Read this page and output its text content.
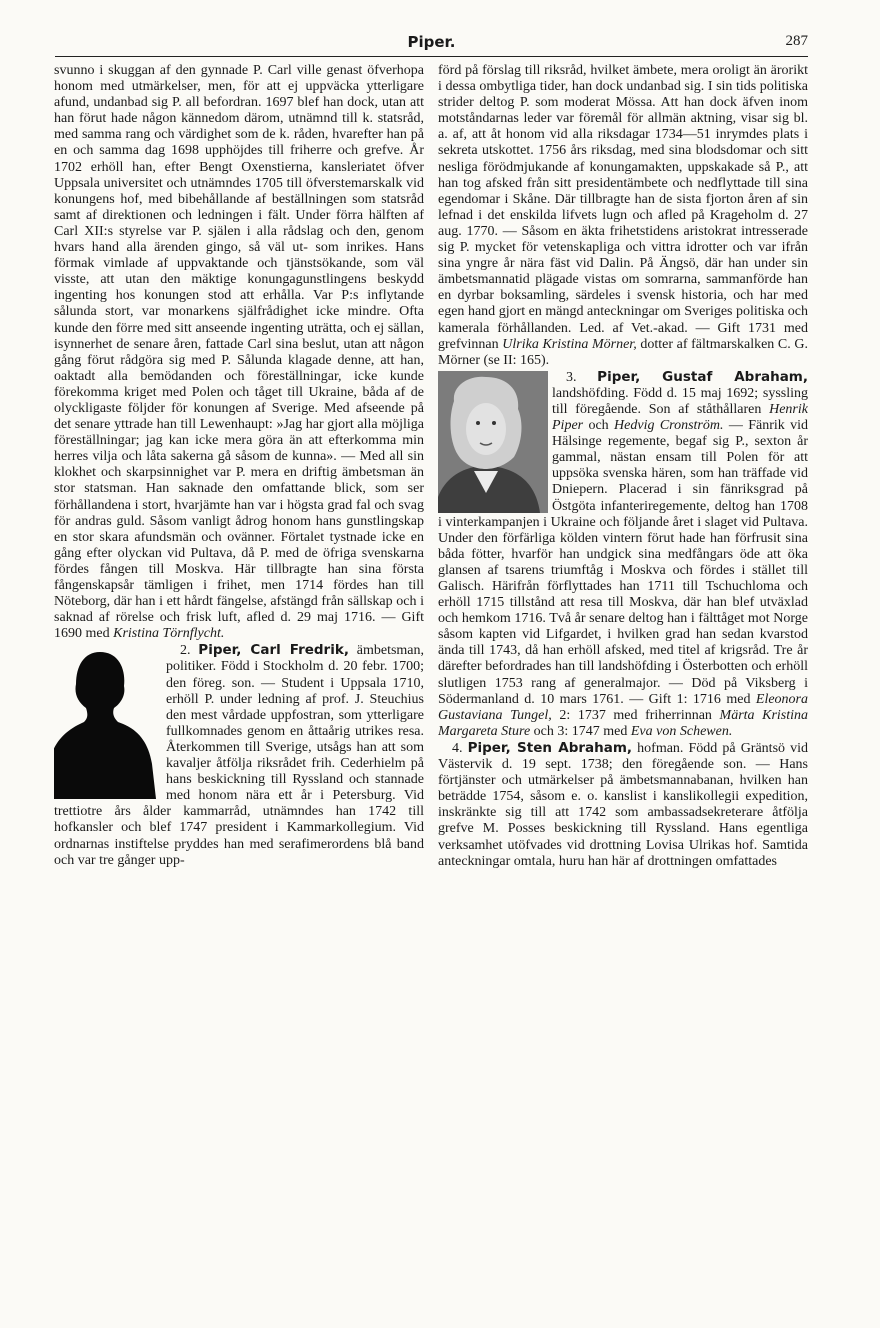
Piper.	287

svunno i skuggan af den gynnade P. Carl ville genast öfverhopa honom med utmärkelser, men, för att ej uppväcka ytterligare afund, undanbad sig P. all befordran. 1697 blef han dock, utan att han förut hade någon kännedom därom, utnämnd till k. statsråd, med samma rang och värdighet som de k. råden, hvarefter han på en och samma dag 1698 upphöjdes till friherre och grefve. År 1702 erhöll han, efter Bengt Oxenstierna, kansleriatet öfver Uppsala universitet och utnämndes 1705 till öfverstemarskalk vid konungens hof, med bibehållande af beställningen som statsråd samt af direktionen och ledningen i fält. Under förra hälften af Carl XII:s styrelse var P. själen i alla rådslag och den, genom hvars hand alla ärenden gingo, så väl ut- som inrikes. Hans förmak vimlade af uppvaktande och tjänstsökande, som väl visste, att utan den mäktige konungagunstlingens beskydd ingenting hos konungen stod att erhålla. Var P:s inflytande sålunda stort, var monarkens själfrådighet icke mindre. Ofta kunde den förre med sitt anseende ingenting uträtta, och ej sällan, isynnerhet de senare åren, fattade Carl sina beslut, utan att någon gång förut rådgöra sig med P. Sålunda klagade denne, att han, oaktadt alla bemödanden och föreställningar, icke kunde förekomma kriget med Polen och tåget till Ukraine, båda af de olyckligaste följder för konungen af Sverige. Med afseende på det senare yttrade han till Lewenhaupt: »Jag har gjort alla möjliga föreställningar; jag kan icke mera göra än att efterkomma min herres vilja och låta sakerna gå såsom de kunna». — Med all sin klokhet och skarpsinnighet var P. mera en driftig ämbetsman än stor statsman. Han saknade den omfattande blick, som ser förhållandena i stort, hvarjämte han var i högsta grad fal och svag för andras guld. Såsom vanligt ådrog honom hans gunstlingskap en stor skara afundsmän och ovänner. Förtalet tystnade icke en gång efter olyckan vid Pultava, då P. med de öfriga svenskarna fördes fången till Moskva. Här tillbragte han sina första fångenskapsår tämligen i frihet, men 1714 fördes han till Nöteborg, där han i ett hårdt fängelse, afstängd från sällskap och i saknad af rörelse och frisk luft, afled d. 29 maj 1716. — Gift 1690 med Kristina Törnflycht.

2. Piper, Carl Fredrik, ämbetsman, politiker. Född i Stockholm d. 20 febr. 1700; den föreg. son. — Student i Uppsala 1710, erhöll P. under ledning af prof. J. Steuchius den mest vårdade uppfostran, som ytterligare fullkomnades genom en åttaårig utrikes resa. Återkommen till Sverige, utsågs han att som kavaljer åtfölja riksrådet frih. Cederhielm på hans beskickning till Ryssland och stannade med honom nära ett år i Petersburg. Vid trettiotre års ålder kammarråd, utnämndes han 1742 till hofkansler och blef 1747 president i Kammarkollegium. Vid ordnarnas instiftelse pryddes han med serafimerordens blå band och var tre gånger upp-

förd på förslag till riksråd, hvilket ämbete, mera oroligt än ärorikt i dessa ombytliga tider, han dock undanbad sig. I sin tids politiska strider deltog P. som moderat Mössa. Att han dock äfven inom motståndarnas leder var föremål för allmän aktning, visar sig bl. a. af, att åt honom vid alla riksdagar 1734—51 inrymdes plats i sekreta utskottet. 1756 års riksdag, med sina blodsdomar och sitt nesliga förödmjukande af konungamakten, uppskakade så P., att han tog afsked från sitt presidentämbete och nedflyttade till sina egendomar i Skåne. Där tillbragte han de sista fjorton åren af sin lefnad i det enskilda lifvets lugn och afled på Krageholm d. 27 aug. 1770. — Såsom en äkta frihetstidens aristokrat intresserade sig P. mycket för vetenskapliga och vittra idrotter och var ifrån sina yngre år nära fäst vid Dalin. På Ängsö, där han under sin ämbetsmannatid plägade vistas om somrarna, sammanförde han en dyrbar boksamling, särdeles i svensk historia, och har med egen hand gjort en mängd anteckningar om Sveriges politiska och kamerala förhållanden. Led. af Vet.-akad. — Gift 1731 med grefvinnan Ulrika Kristina Mörner, dotter af fältmarskalken C. G. Mörner (se II: 165).

3. Piper, Gustaf Abraham,
landshöfding. Född d. 15 maj 1692; syssling till föregående. Son af ståthållaren Henrik Piper och Hedvig Cronström. — Fänrik vid Hälsinge regemente, begaf sig P., sexton år gammal, nästan ensam till Polen för att uppsöka svenska hären, som han träffade vid Dniepern. Placerad i sin fänriksgrad på Östgöta infanteriregemente, deltog han 1708 i vinterkampanjen i Ukraine och följande året i slaget vid Pultava. Under den förfärliga kölden vintern förut hade han förfrusit sina båda fötter, hvarför han undgick sina medfångars öde att öka glansen af tsarens triumftåg i Moskva och fördes i stället till Galisch. Härifrån förflyttades han 1711 till Tschuchloma och erhöll 1715 tillstånd att resa till Moskva, där han blef utväxlad och hemkom 1716. Två år senare deltog han i fälttåget mot Norge såsom kapten vid Lifgardet, i hvilken grad han sedan kvarstod ända till 1743, då han erhöll afsked, med titel af krigsråd. Tre år därefter befordrades han till landshöfding i Österbotten och erhöll slutligen 1753 rang af generalmajor. — Död på Viksberg i Södermanland d. 10 mars 1761. — Gift 1: 1716 med Eleonora Gustaviana Tungel, 2: 1737 med friherrinnan Märta Kristina Margareta Sture och 3: 1747 med Eva von Schewen.

4. Piper, Sten Abraham, hofman. Född på Gräntsö vid Västervik d. 19 sept. 1738; den föregående son. — Hans förtjänster och utmärkelser på ämbetsmannabanan, hvilken han beträdde 1754, såsom e. o. kanslist i kanslikollegii expedition, inskränkte sig till att 1742 som ambassadsekreterare åtfölja grefve M. Posses beskickning till Ryssland. Hans egentliga verksamhet utöfvades vid drottning Lovisa Ulrikas hof. Samtida anteckningar omtala, huru han här af drottningen omfattades
